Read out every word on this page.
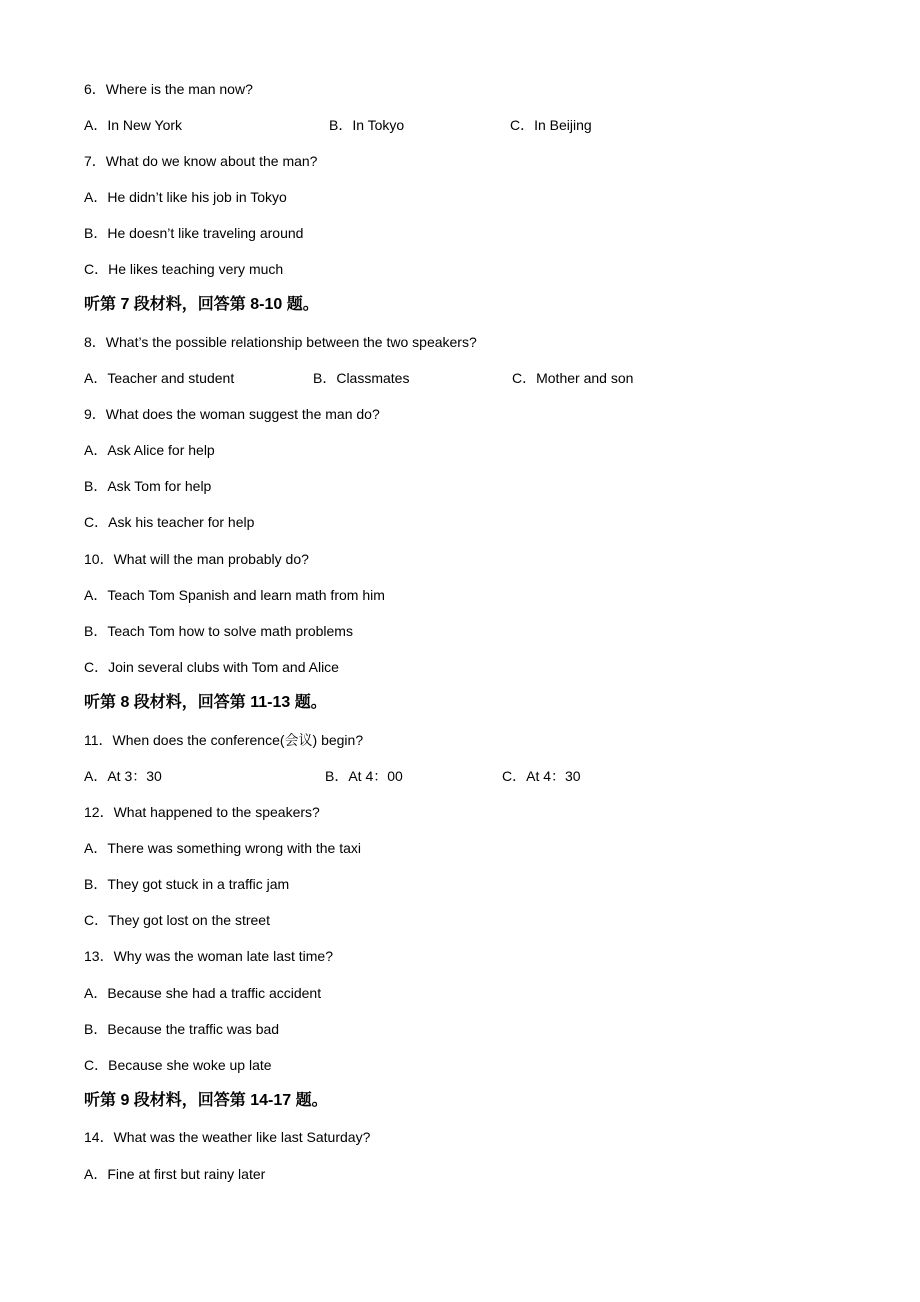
6．Where is the man now?
A．In New York	B．In Tokyo	C．In Beijing
7．What do we know about the man?
A．He didn’t like his job in Tokyo
B．He doesn’t like traveling around
C．He likes teaching very much
听第 7 段材料，回答第 8-10 题。
8．What’s the possible relationship between the two speakers?
A．Teacher and student	B．Classmates	C．Mother and son
9．What does the woman suggest the man do?
A．Ask Alice for help
B．Ask Tom for help
C．Ask his teacher for help
10．What will the man probably do?
A．Teach Tom Spanish and learn math from him
B．Teach Tom how to solve math problems
C．Join several clubs with Tom and Alice
听第 8 段材料，回答第 11-13 题。
11．When does the conference(会议) begin?
A．At 3：30	B．At 4：00	C．At 4：30
12．What happened to the speakers?
A．There was something wrong with the taxi
B．They got stuck in a traffic jam
C．They got lost on the street
13．Why was the woman late last time?
A．Because she had a traffic accident
B．Because the traffic was bad
C．Because she woke up late
听第 9 段材料，回答第 14-17 题。
14．What was the weather like last Saturday?
A．Fine at first but rainy later
